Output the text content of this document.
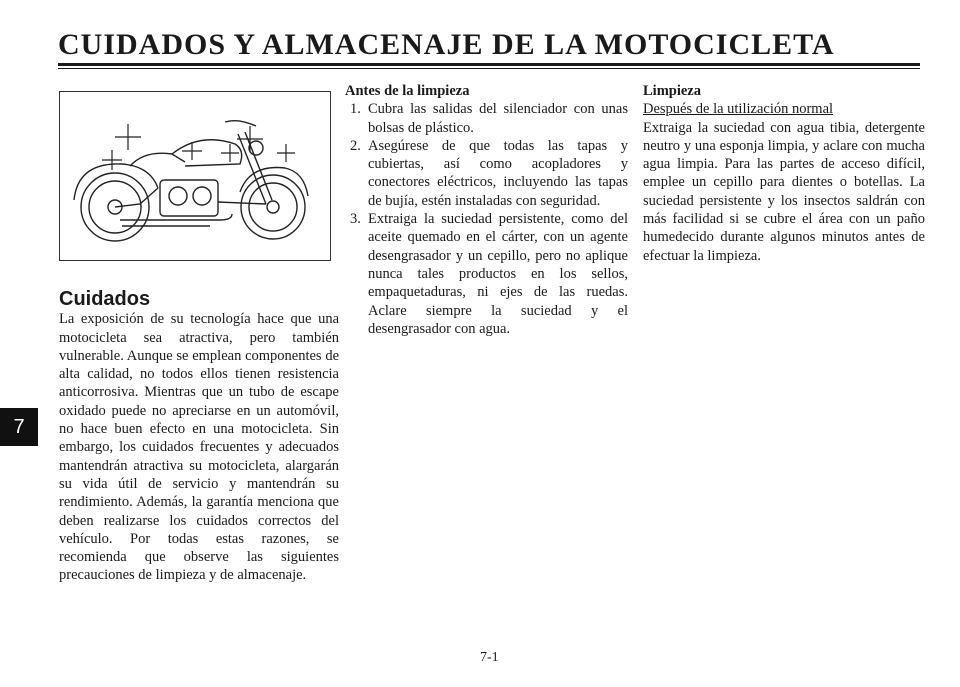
CUIDADOS Y ALMACENAJE DE LA MOTOCICLETA
7
Cuidados

La exposición de su tecnología hace que una motocicleta sea atractiva, pero también vulnerable. Aunque se emplean componentes de alta calidad, no todos ellos tienen resistencia anticorrosiva. Mientras que un tubo de escape oxidado puede no apreciarse en un automóvil, no hace buen efecto en una motocicleta. Sin embargo, los cuidados frecuentes y adecuados mantendrán atractiva su motocicleta, alargarán su vida útil de servicio y mantendrán su rendimiento. Además, la garantía menciona que deben realizarse los cuidados correctos del vehículo. Por todas estas razones, se recomienda que observe las siguientes precauciones de limpieza y de almacenaje.

Antes de la limpieza

1. Cubra las salidas del silenciador con unas bolsas de plástico.
2. Asegúrese de que todas las tapas y cubiertas, así como acopladores y conectores eléctricos, incluyendo las tapas de bujía, estén instaladas con seguridad.
3. Extraiga la suciedad persistente, como del aceite quemado en el cárter, con un agente desengrasador y un cepillo, pero no aplique nunca tales productos en los sellos, empaquetaduras, ni ejes de las ruedas. Aclare siempre la suciedad y el desengrasador con agua.

Limpieza

Después de la utilización normal

Extraiga la suciedad con agua tibia, detergente neutro y una esponja limpia, y aclare con mucha agua limpia. Para las partes de acceso difícil, emplee un cepillo para dientes o botellas. La suciedad persistente y los insectos saldrán con más facilidad si se cubre el área con un paño humedecido durante algunos minutos antes de efectuar la limpieza.

7-1
